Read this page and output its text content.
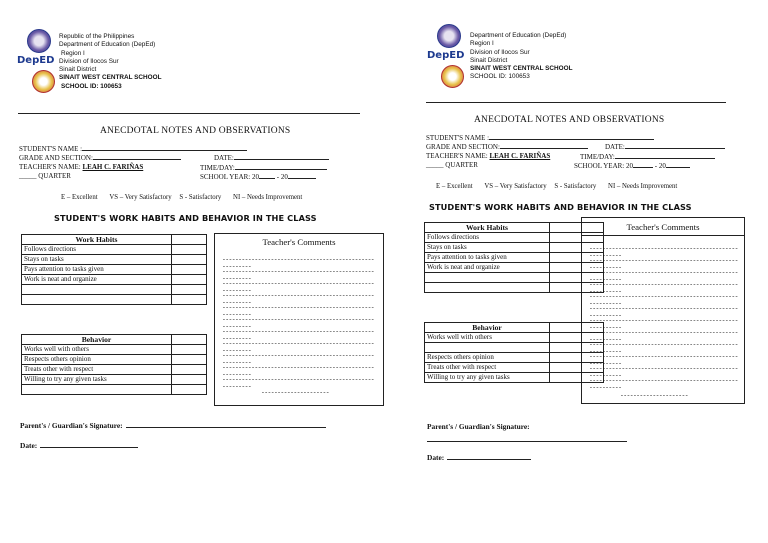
DepED
Republic of the Philippines
Department of Education (DepEd)
Region I
Division of Ilocos Sur
Sinait District
SINAIT WEST CENTRAL SCHOOL
SCHOOL ID: 100653
ANECDOTAL NOTES AND OBSERVATIONS
STUDENT'S NAME :
GRADE AND SECTION:	DATE:
TEACHER'S NAME: LEAH C. FARIÑAS	TIME/DAY:
_____ QUARTER	SCHOOL YEAR: 20	- 20
E – Excellent VS – Very Satisfactory S - Satisfactory NI – Needs Improvement
STUDENT'S WORK HABITS AND BEHAVIOR IN THE CLASS
Work Habits	
Follows directions	
Stays on tasks	
Pays attention to tasks given	
Work is neat and organize	

Behavior	
Works well with others	
Respects others opinion	
Treats other with respect	
Willing to try any given tasks	

Teacher's Comments
--------------------------------------------------------
--------------------------------------------------------
--------------------------------------------------------
--------------------------------------------------------
--------------------------------------------------------
--------------------------------------------------------
--------------------------------------------------------
--------------------------------------------------------
--------------------------------------------------------
--------------------------------------------------------
--------------------------------------------------------
---------------------
Parent's / Guardian's Signature:
Date:
DepED
Department of Education (DepEd)
Region I
Division of Ilocos Sur
Sinait District
SINAIT WEST CENTRAL SCHOOL
SCHOOL ID: 100653
ANECDOTAL NOTES AND OBSERVATIONS
STUDENT'S NAME :
GRADE AND SECTION:	DATE:
TEACHER'S NAME: LEAH C. FARIÑAS	TIME/DAY:
_____ QUARTER	SCHOOL YEAR: 20	- 20
E – Excellent VS – Very Satisfactory S - Satisfactory NI – Needs Improvement
STUDENT'S WORK HABITS AND BEHAVIOR IN THE CLASS
Work Habits	
Follows directions	
Stays on tasks	
Pays attention to tasks given	
Work is neat and organize	

Behavior	
Works well with others	

Respects others opinion	
Treats other with respect	
Willing to try any given tasks	
Teacher's Comments
--------------------------------------------------------
--------------------------------------------------------
--------------------------------------------------------
--------------------------------------------------------
--------------------------------------------------------
--------------------------------------------------------
--------------------------------------------------------
--------------------------------------------------------
--------------------------------------------------------
--------------------------------------------------------
--------------------------------------------------------
--------------------------------------------------------
---------------------
Parent's / Guardian's Signature:
Date:
